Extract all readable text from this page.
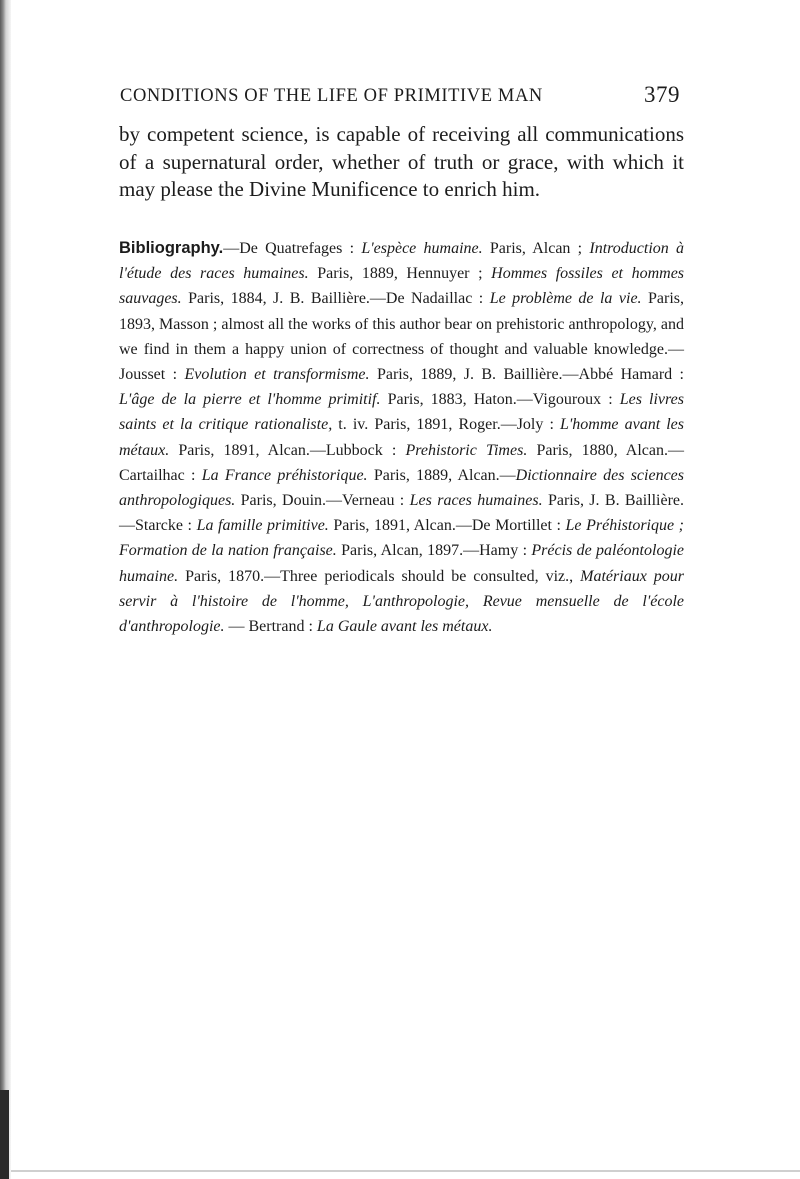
CONDITIONS OF THE LIFE OF PRIMITIVE MAN	379

by competent science, is capable of receiving all communications of a supernatural order, whether of truth or grace, with which it may please the Divine Munificence to enrich him.

Bibliography.—De Quatrefages : L'espèce humaine. Paris, Alcan ; Introduction à l'étude des races humaines. Paris, 1889, Hennuyer ; Hommes fossiles et hommes sauvages. Paris, 1884, J. B. Baillière.—De Nadaillac : Le problème de la vie. Paris, 1893, Masson ; almost all the works of this author bear on prehistoric anthropology, and we find in them a happy union of correctness of thought and valuable knowledge.—Jousset : Evolution et transformisme. Paris, 1889, J. B. Baillière.—Abbé Hamard : L'âge de la pierre et l'homme primitif. Paris, 1883, Haton.—Vigouroux : Les livres saints et la critique rationaliste, t. iv. Paris, 1891, Roger.—Joly : L'homme avant les métaux. Paris, 1891, Alcan.—Lubbock : Prehistoric Times. Paris, 1880, Alcan.—Cartailhac : La France préhistorique. Paris, 1889, Alcan.—Dictionnaire des sciences anthropologiques. Paris, Douin.—Verneau : Les races humaines. Paris, J. B. Baillière.—Starcke : La famille primitive. Paris, 1891, Alcan.—De Mortillet : Le Préhistorique ; Formation de la nation française. Paris, Alcan, 1897.—Hamy : Précis de paléontologie humaine. Paris, 1870.—Three periodicals should be consulted, viz., Matériaux pour servir à l'histoire de l'homme, L'anthropologie, Revue mensuelle de l'école d'anthropologie. — Bertrand : La Gaule avant les métaux.
